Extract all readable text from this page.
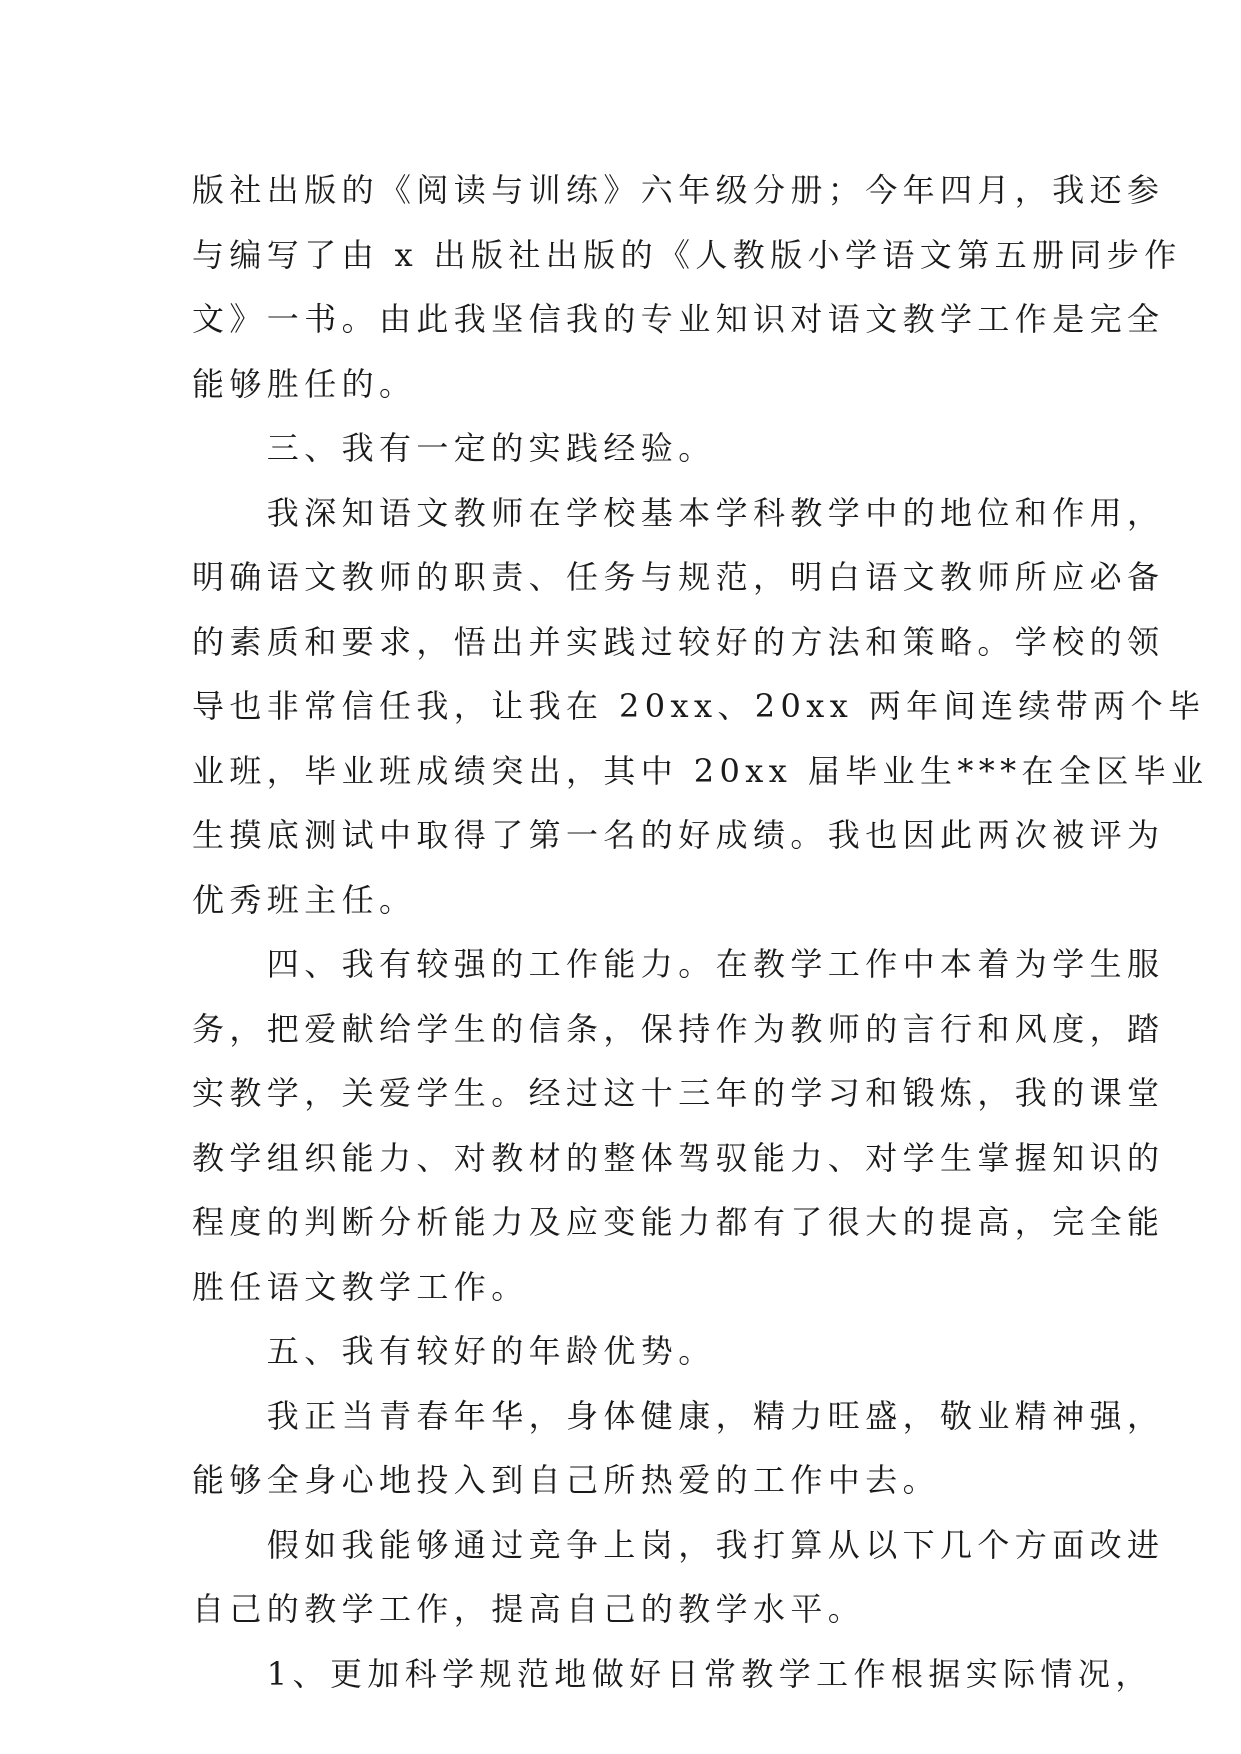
版社出版的《阅读与训练》六年级分册；今年四月，我还参
与编写了由 x 出版社出版的《人教版小学语文第五册同步作
文》一书。由此我坚信我的专业知识对语文教学工作是完全
能够胜任的。
　　三、我有一定的实践经验。
　　我深知语文教师在学校基本学科教学中的地位和作用，
明确语文教师的职责、任务与规范，明白语文教师所应必备
的素质和要求，悟出并实践过较好的方法和策略。学校的领
导也非常信任我，让我在 20xx、20xx 两年间连续带两个毕
业班，毕业班成绩突出，其中 20xx 届毕业生***在全区毕业
生摸底测试中取得了第一名的好成绩。我也因此两次被评为
优秀班主任。
　　四、我有较强的工作能力。在教学工作中本着为学生服
务，把爱献给学生的信条，保持作为教师的言行和风度，踏
实教学，关爱学生。经过这十三年的学习和锻炼，我的课堂
教学组织能力、对教材的整体驾驭能力、对学生掌握知识的
程度的判断分析能力及应变能力都有了很大的提高，完全能
胜任语文教学工作。
　　五、我有较好的年龄优势。
　　我正当青春年华，身体健康，精力旺盛，敬业精神强，
能够全身心地投入到自己所热爱的工作中去。
　　假如我能够通过竞争上岗，我打算从以下几个方面改进
自己的教学工作，提高自己的教学水平。
　　1、更加科学规范地做好日常教学工作根据实际情况，
